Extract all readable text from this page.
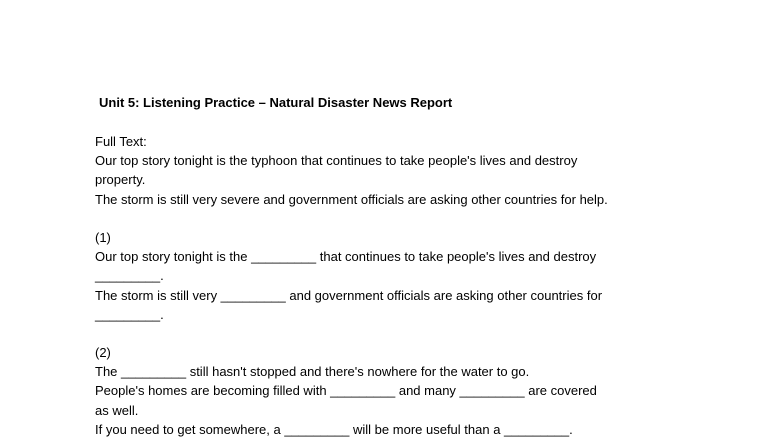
Unit 5: Listening Practice – Natural Disaster News Report
Full Text:
Our top story tonight is the typhoon that continues to take people's lives and destroy
property.
The storm is still very severe and government officials are asking other countries for help.
(1)
Our top story tonight is the _________ that continues to take people's lives and destroy
_________.
The storm is still very _________ and government officials are asking other countries for
_________.
(2)
The _________ still hasn't stopped and there's nowhere for the water to go.
People's homes are becoming filled with _________ and many _________ are covered
as well.
If you need to get somewhere, a _________ will be more useful than a _________.
